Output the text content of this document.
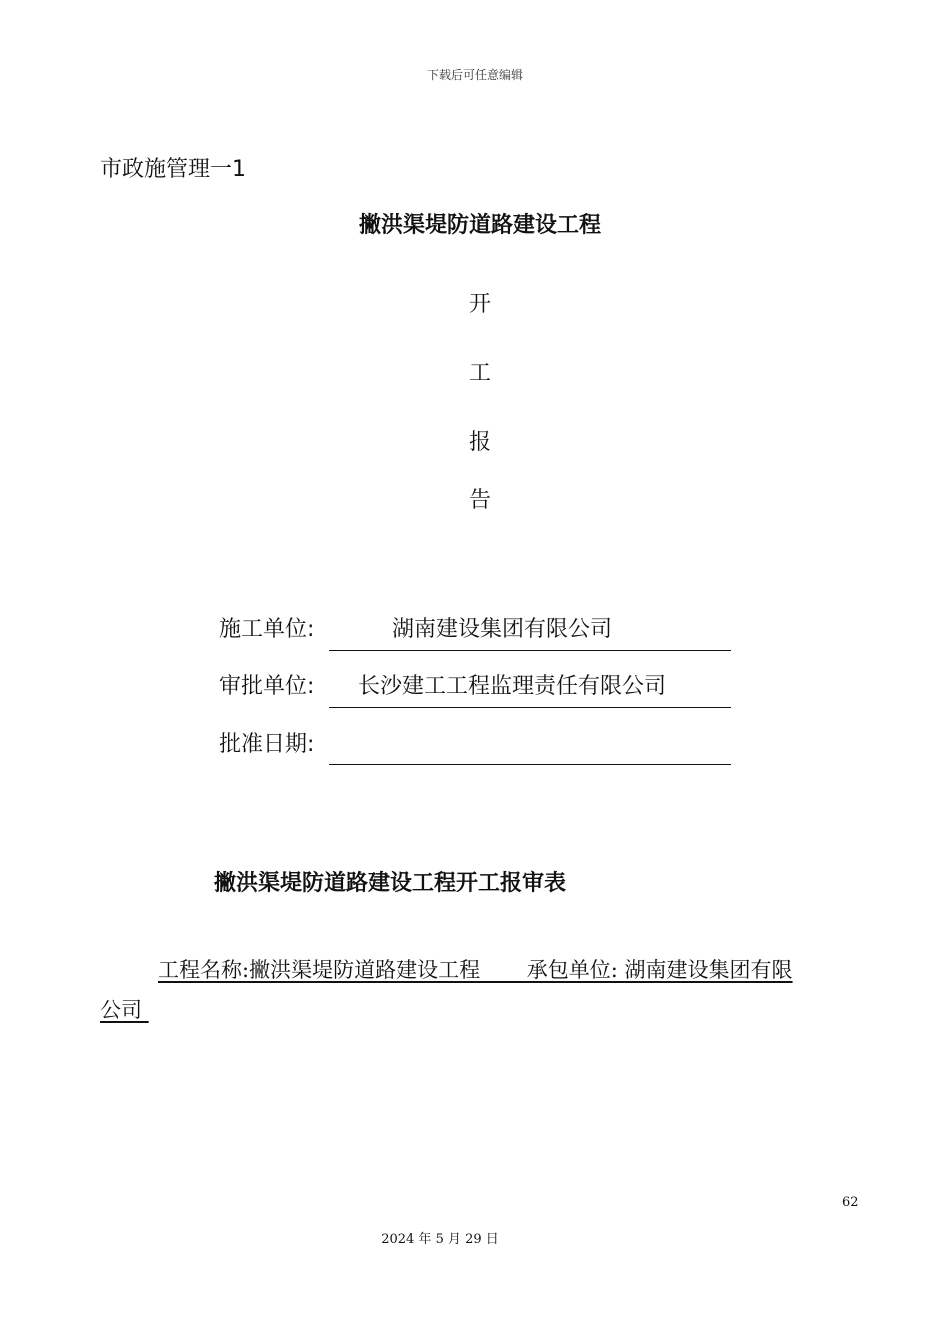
下载后可任意编辑
市政施管理一1
撇洪渠堤防道路建设工程
开
工
报
告
施工单位:	湖南建设集团有限公司
审批单位: 长沙建工工程监理责任有限公司
批准日期:
撇洪渠堤防道路建设工程开工报审表
工程名称:撇洪渠堤防道路建设工程       承包单位: 湖南建设集团有限
公司
62
2024 年 5 月 29 日
